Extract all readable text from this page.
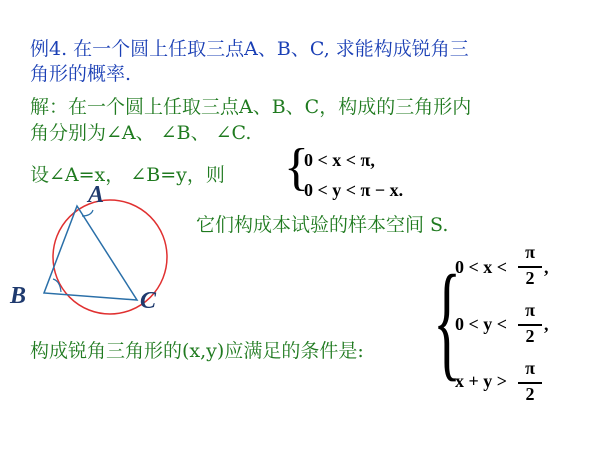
例4. 在一个圆上任取三点A、B、C, 求能构成锐角三
角形的概率.
解：在一个圆上任取三点A、B、C，构成的三角形内
角分别为∠A、 ∠B、 ∠C.
设∠A=x， ∠B=y，则 {
0 < x < π,
0 < y < π − x.
它们构成本试验的样本空间 S.
A
B	C
构成锐角三角形的(x,y)应满足的条件是: {
0 < x <
π
2
,
0 < y <
π
2
,
x + y >
π
2
